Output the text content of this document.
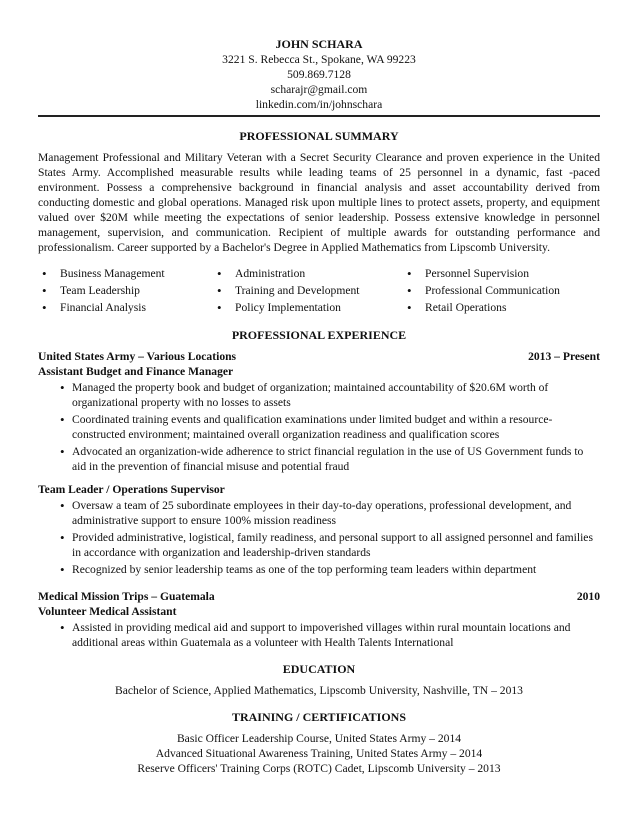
JOHN SCHARA
3221 S. Rebecca St., Spokane, WA 99223
509.869.7128
scharajr@gmail.com
linkedin.com/in/johnschara
PROFESSIONAL SUMMARY

Management Professional and Military Veteran with a Secret Security Clearance and proven experience in the United States Army. Accomplished measurable results while leading teams of 25 personnel in a dynamic, fast -paced environment. Possess a comprehensive background in financial analysis and asset accountability derived from conducting domestic and global operations. Managed risk upon multiple lines to protect assets, property, and equipment valued over $20M while meeting the expectations of senior leadership. Possess extensive knowledge in personnel management, supervision, and communication. Recipient of multiple awards for outstanding performance and professionalism. Career supported by a Bachelor's Degree in Applied Mathematics from Lipscomb University.

• Business Management
• Team Leadership
• Financial Analysis
• Administration
• Training and Development
• Policy Implementation
• Personnel Supervision
• Professional Communication
• Retail Operations
PROFESSIONAL EXPERIENCE
United States Army – Various Locations	2013 – Present
Assistant Budget and Finance Manager
• Managed the property book and budget of organization; maintained accountability of $20.6M worth of organizational property with no losses to assets
• Coordinated training events and qualification examinations under limited budget and within a resource-constructed environment; maintained overall organization readiness and qualification scores
• Advocated an organization-wide adherence to strict financial regulation in the use of US Government funds to aid in the prevention of financial misuse and potential fraud
Team Leader / Operations Supervisor
• Oversaw a team of 25 subordinate employees in their day-to-day operations, professional development, and administrative support to ensure 100% mission readiness
• Provided administrative, logistical, family readiness, and personal support to all assigned personnel and families in accordance with organization and leadership-driven standards
• Recognized by senior leadership teams as one of the top performing team leaders within department
Medical Mission Trips – Guatemala	2010
Volunteer Medical Assistant
• Assisted in providing medical aid and support to impoverished villages within rural mountain locations and additional areas within Guatemala as a volunteer with Health Talents International
EDUCATION
Bachelor of Science, Applied Mathematics, Lipscomb University, Nashville, TN – 2013
TRAINING / CERTIFICATIONS
Basic Officer Leadership Course, United States Army – 2014
Advanced Situational Awareness Training, United States Army – 2014
Reserve Officers' Training Corps (ROTC) Cadet, Lipscomb University – 2013
